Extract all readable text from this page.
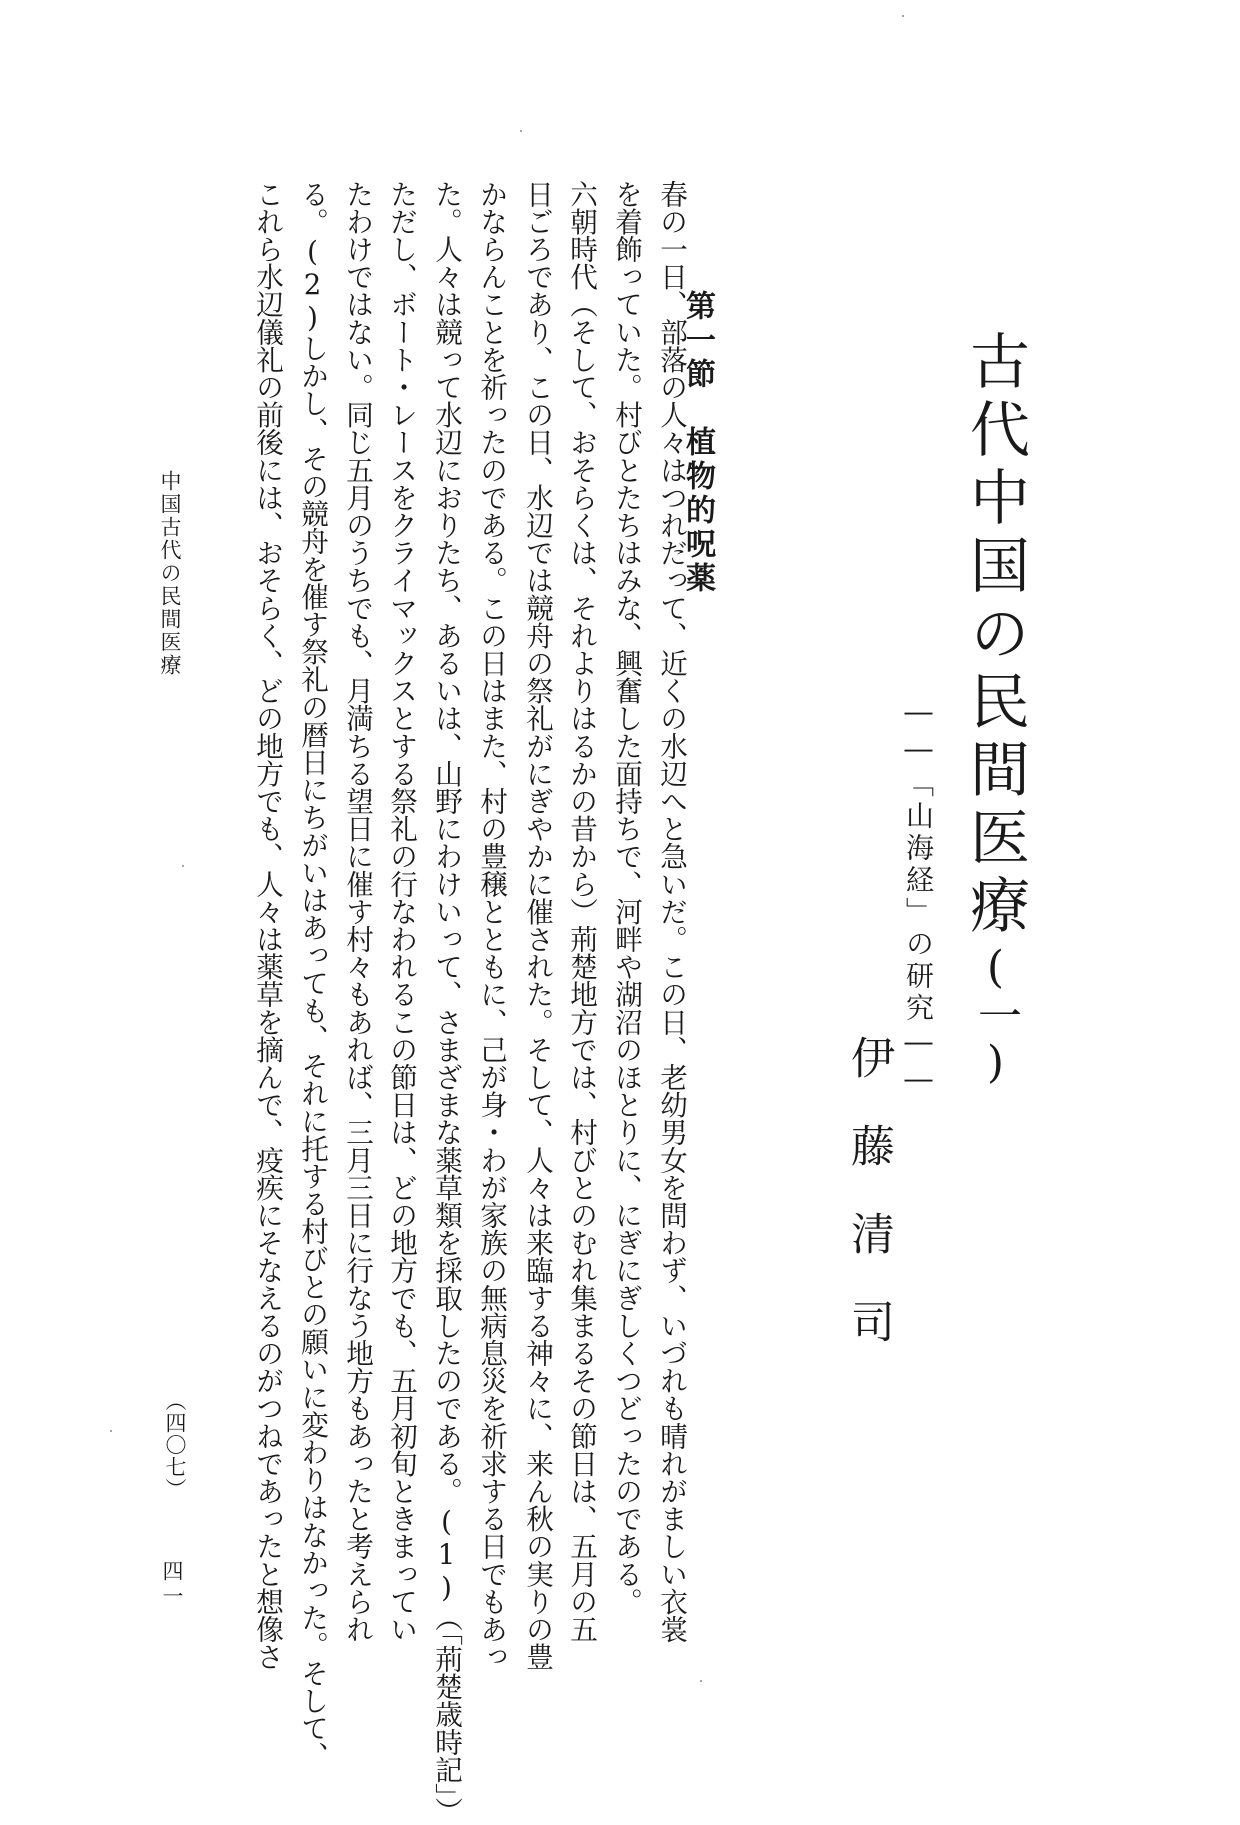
古代中国の民間医療(一)
――「山海経」の研究――
伊藤清司
第一節　植物的呪薬

春の一日、部落の人々はつれだって、近くの水辺へと急いだ。この日、老幼男女を問わず、いづれも晴れがましい衣裳

を着飾っていた。村びとたちはみな、興奮した面持ちで、河畔や湖沼のほとりに、にぎにぎしくつどったのである。

六朝時代（そして、おそらくは、それよりはるかの昔から）荊楚地方では、村びとのむれ集まるその節日は、五月の五

日ごろであり、この日、水辺では競舟の祭礼がにぎやかに催された。そして、人々は来臨する神々に、来ん秋の実りの豊

かならんことを祈ったのである。この日はまた、村の豊穣とともに、己が身・わが家族の無病息災を祈求する日でもあっ

た。人々は競って水辺におりたち、あるいは、山野にわけいって、さまざまな薬草類を採取したのである。(1)（「荊楚歳時記」）

ただし、ボート・レースをクライマックスとする祭礼の行なわれるこの節日は、どの地方でも、五月初旬ときまってい

たわけではない。同じ五月のうちでも、月満ちる望日に催す村々もあれば、三月三日に行なう地方もあったと考えられ

る。(2)しかし、その競舟を催す祭礼の暦日にちがいはあっても、それに托する村びとの願いに変わりはなかった。そして、

これら水辺儀礼の前後には、おそらく、どの地方でも、人々は薬草を摘んで、疫疾にそなえるのがつねであったと想像さ

中国古代の民間医療
（四〇七）
四一
